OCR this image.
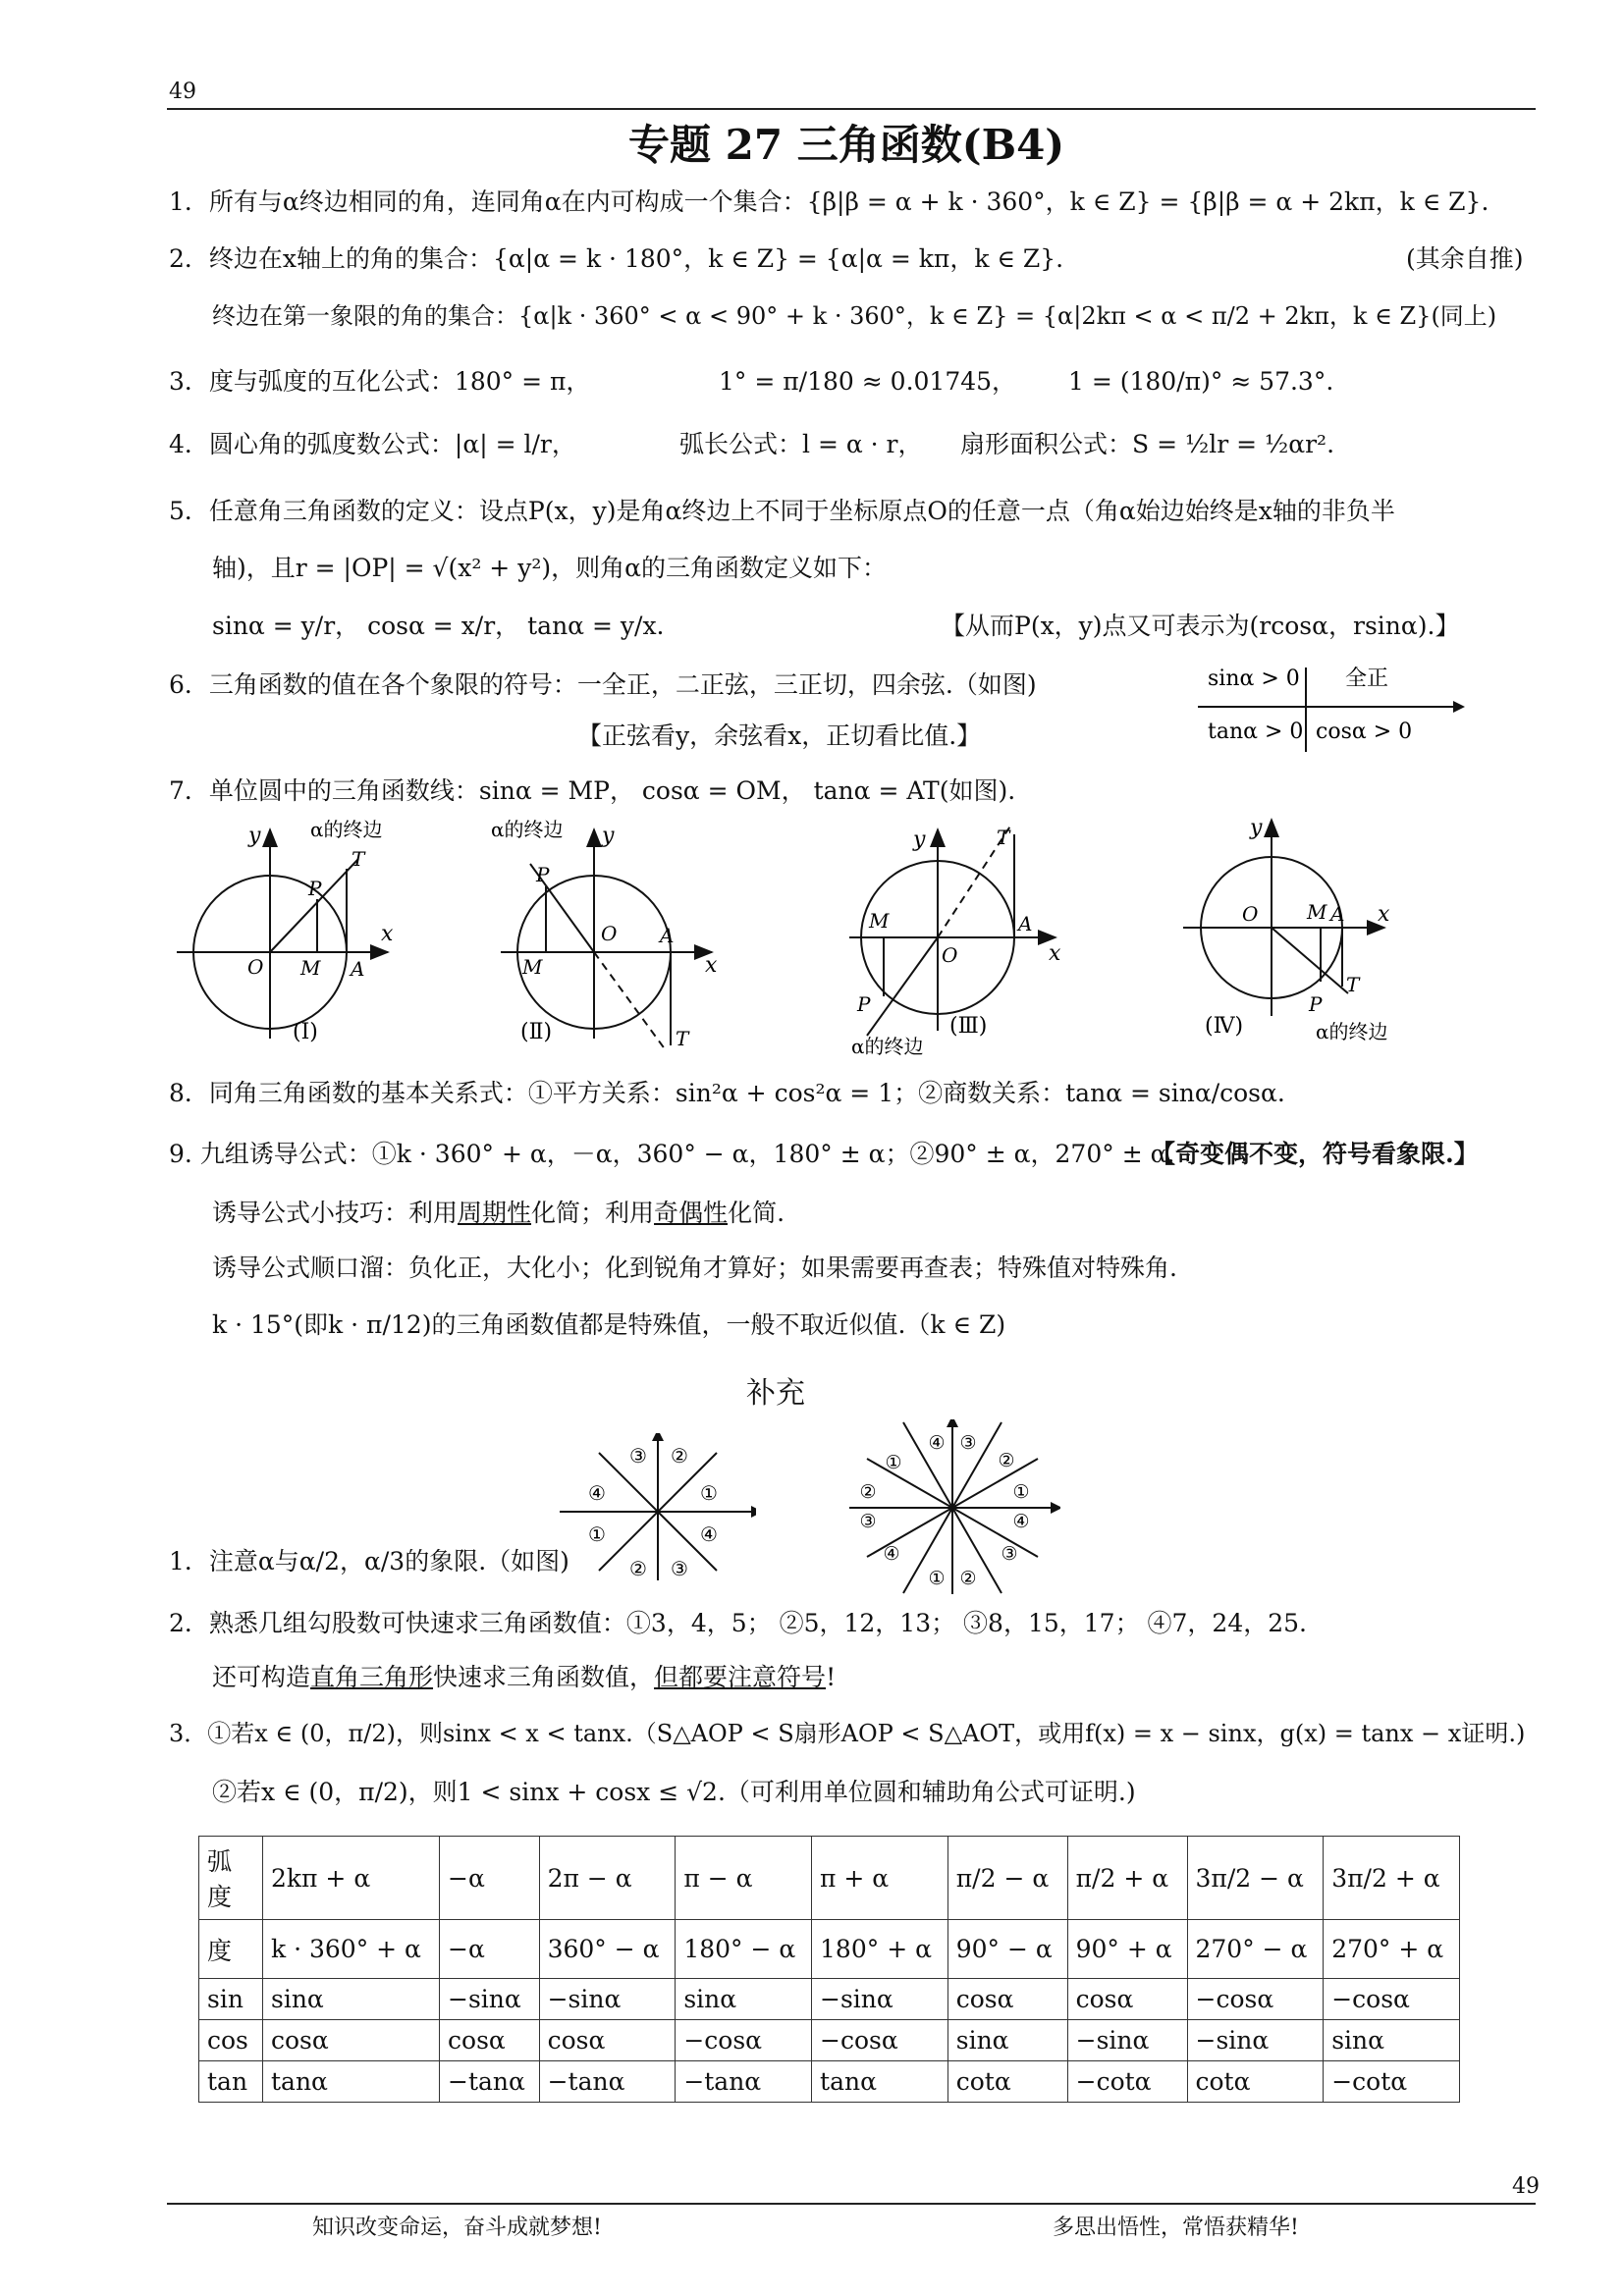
49
专题 27 三角函数(B4)
1．所有与α终边相同的角，连同角α在内可构成一个集合：{β|β = α + k · 360°，k ∈ Z} = {β|β = α + 2kπ，k ∈ Z}.
2．终边在x轴上的角的集合：{α|α = k · 180°，k ∈ Z} = {α|α = kπ，k ∈ Z}.	(其余自推)
终边在第一象限的角的集合：{α|k · 360° < α < 90° + k · 360°，k ∈ Z} = {α|2kπ < α < π/2 + 2kπ，k ∈ Z}(同上)
3．度与弧度的互化公式：180° = π，	1° = π/180 ≈ 0.01745， 1 = (180/π)° ≈ 57.3°.
4．圆心角的弧度数公式：|α| = l/r，	弧长公式：l = α · r， 扇形面积公式：S = ½lr = ½αr².
5．任意角三角函数的定义：设点P(x，y)是角α终边上不同于坐标原点O的任意一点（角α始边始终是x轴的非负半
轴)，且r = |OP| = √(x² + y²)，则角α的三角函数定义如下：
sinα = y/r， cosα = x/r， tanα = y/x.	【从而P(x，y)点又可表示为(rcosα，rsinα).】
6．三角函数的值在各个象限的符号：一全正，二正弦，三正切，四余弦.（如图)
【正弦看y，余弦看x，正切看比值.】
sinα > 0 全正
tanα > 0 cosα > 0
7．单位圆中的三角函数线：sinα = MP， cosα = OM， tanα = AT(如图).
y
x
O M A
P
T
α的终边
(Ⅰ)
y
x
O
M
A
P
T
α的终边
(Ⅱ)
y
x
O
M	A
P
T
α的终边
(Ⅲ)
y
x
O M A
P
T
α的终边
(Ⅳ)
8．同角三角函数的基本关系式：①平方关系：sin²α + cos²α = 1；②商数关系：tanα = sinα/cosα.
9. 九组诱导公式：①k · 360° + α，－α，360° − α，180° ± α；②90° ± α，270° ± α.
【奇变偶不变，符号看象限.】
诱导公式小技巧：利用周期性化简；利用奇偶性化简.
诱导公式顺口溜：负化正，大化小；化到锐角才算好；如果需要再查表；特殊值对特殊角.
k · 15°(即k · π/12)的三角函数值都是特殊值，一般不取近似值.（k ∈ Z)
补充
③ ②
④	①
①	④
② ③
④ ③
①	②
②	①
③	④
④	③
① ②
1．注意α与α/2，α/3的象限.（如图)
2．熟悉几组勾股数可快速求三角函数值：①3，4，5； ②5，12，13； ③8，15，17； ④7，24，25.
还可构造直角三角形快速求三角函数值，但都要注意符号!
3．①若x ∈ (0，π/2)，则sinx < x < tanx.（S△AOP < S扇形AOP < S△AOT，或用f(x) = x − sinx，g(x) = tanx − x证明.)
②若x ∈ (0，π/2)，则1 < sinx + cosx ≤ √2.（可利用单位圆和辅助角公式可证明.)
弧度	2kπ + α	−α	2π − α	π − α	π + α	π/2 − α	π/2 + α	3π/2 − α	3π/2 + α
度	k · 360° + α	−α	360° − α	180° − α	180° + α	90° − α	90° + α	270° − α	270° + α
sin	sinα	−sinα	−sinα	sinα	−sinα	cosα	cosα	−cosα	−cosα
cos	cosα	cosα	cosα	−cosα	−cosα	sinα	−sinα	−sinα	sinα
tan	tanα	−tanα	−tanα	−tanα	tanα	cotα	−cotα	cotα	−cotα
49
知识改变命运，奋斗成就梦想!	多思出悟性，常悟获精华!
